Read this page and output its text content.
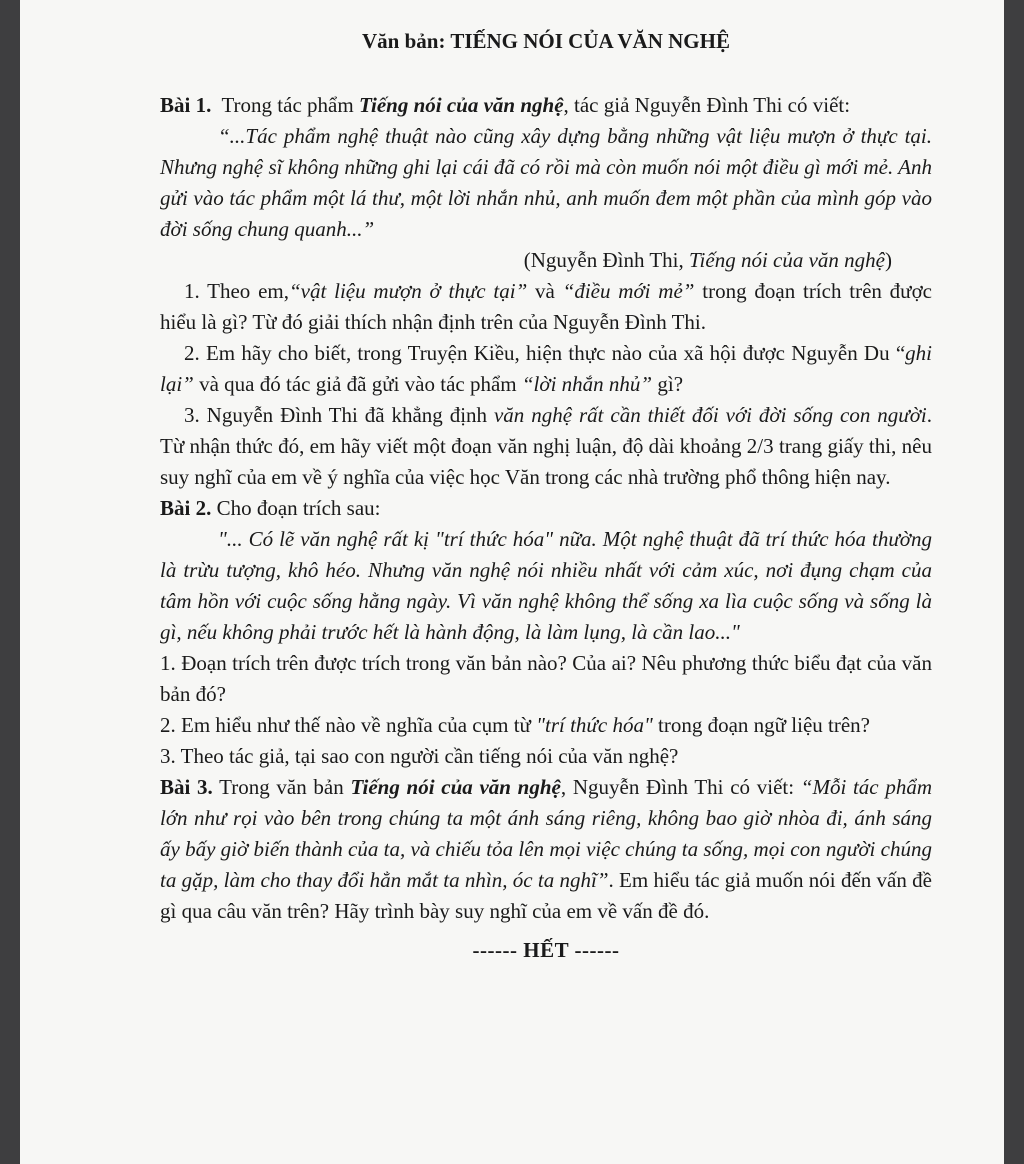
Văn bản: TIẾNG NÓI CỦA VĂN NGHỆ

Bài 1. Trong tác phẩm Tiếng nói của văn nghệ, tác giả Nguyễn Đình Thi có viết:

“...Tác phẩm nghệ thuật nào cũng xây dựng bằng những vật liệu mượn ở thực tại. Nhưng nghệ sĩ không những ghi lại cái đã có rồi mà còn muốn nói một điều gì mới mẻ. Anh gửi vào tác phẩm một lá thư, một lời nhắn nhủ, anh muốn đem một phần của mình góp vào đời sống chung quanh...”

(Nguyễn Đình Thi, Tiếng nói của văn nghệ)

1. Theo em,“vật liệu mượn ở thực tại” và “điều mới mẻ” trong đoạn trích trên được hiểu là gì? Từ đó giải thích nhận định trên của Nguyễn Đình Thi.

2. Em hãy cho biết, trong Truyện Kiều, hiện thực nào của xã hội được Nguyễn Du “ghi lại” và qua đó tác giả đã gửi vào tác phẩm “lời nhắn nhủ” gì?

3. Nguyễn Đình Thi đã khẳng định văn nghệ rất cần thiết đối với đời sống con người. Từ nhận thức đó, em hãy viết một đoạn văn nghị luận, độ dài khoảng 2/3 trang giấy thi, nêu suy nghĩ của em về ý nghĩa của việc học Văn trong các nhà trường phổ thông hiện nay.

Bài 2. Cho đoạn trích sau:

"... Có lẽ văn nghệ rất kị "trí thức hóa" nữa. Một nghệ thuật đã trí thức hóa thường là trừu tượng, khô héo. Nhưng văn nghệ nói nhiều nhất với cảm xúc, nơi đụng chạm của tâm hồn với cuộc sống hằng ngày. Vì văn nghệ không thể sống xa lìa cuộc sống và sống là gì, nếu không phải trước hết là hành động, là làm lụng, là cần lao..."

1. Đoạn trích trên được trích trong văn bản nào? Của ai? Nêu phương thức biểu đạt của văn bản đó?

2. Em hiểu như thế nào về nghĩa của cụm từ "trí thức hóa" trong đoạn ngữ liệu trên?

3. Theo tác giả, tại sao con người cần tiếng nói của văn nghệ?

Bài 3. Trong văn bản Tiếng nói của văn nghệ, Nguyễn Đình Thi có viết: “Mỗi tác phẩm lớn như rọi vào bên trong chúng ta một ánh sáng riêng, không bao giờ nhòa đi, ánh sáng ấy bấy giờ biến thành của ta, và chiếu tỏa lên mọi việc chúng ta sống, mọi con người chúng ta gặp, làm cho thay đổi hẳn mắt ta nhìn, óc ta nghĩ”. Em hiểu tác giả muốn nói đến vấn đề gì qua câu văn trên? Hãy trình bày suy nghĩ của em về vấn đề đó.

------ HẾT ------
